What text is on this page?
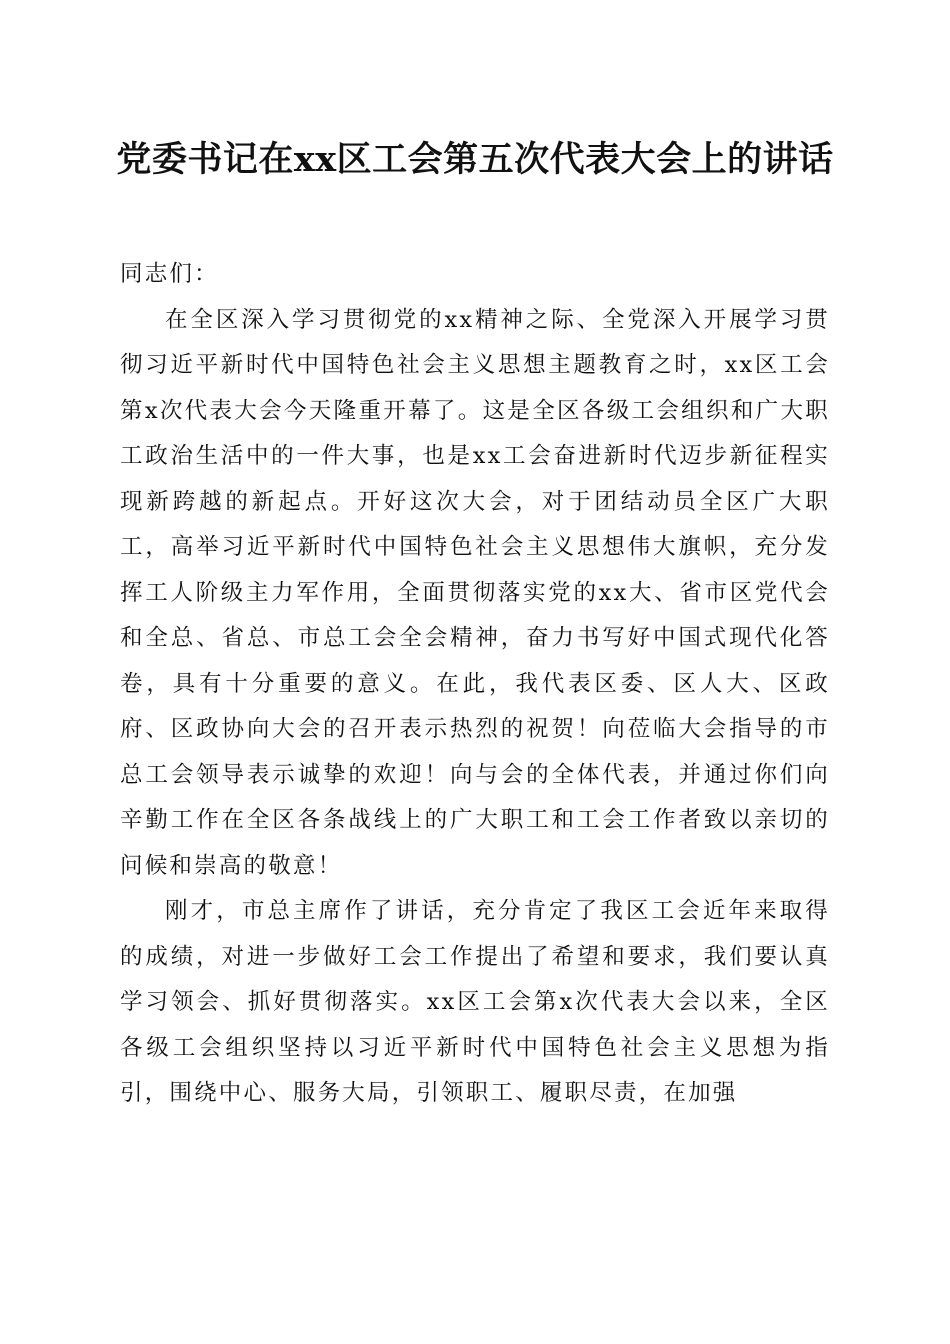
党委书记在xx区工会第五次代表大会上的讲话

同志们：

在全区深入学习贯彻党的xx精神之际、全党深入开展学习贯彻习近平新时代中国特色社会主义思想主题教育之时，xx区工会第x次代表大会今天隆重开幕了。这是全区各级工会组织和广大职工政治生活中的一件大事，也是xx工会奋进新时代迈步新征程实现新跨越的新起点。开好这次大会，对于团结动员全区广大职工，高举习近平新时代中国特色社会主义思想伟大旗帜，充分发挥工人阶级主力军作用，全面贯彻落实党的xx大、省市区党代会和全总、省总、市总工会全会精神，奋力书写好中国式现代化答卷，具有十分重要的意义。在此，我代表区委、区人大、区政府、区政协向大会的召开表示热烈的祝贺！向莅临大会指导的市总工会领导表示诚挚的欢迎！向与会的全体代表，并通过你们向辛勤工作在全区各条战线上的广大职工和工会工作者致以亲切的问候和崇高的敬意！

刚才，市总主席作了讲话，充分肯定了我区工会近年来取得的成绩，对进一步做好工会工作提出了希望和要求，我们要认真学习领会、抓好贯彻落实。xx区工会第x次代表大会以来，全区各级工会组织坚持以习近平新时代中国特色社会主义思想为指引，围绕中心、服务大局，引领职工、履职尽责，在加强
